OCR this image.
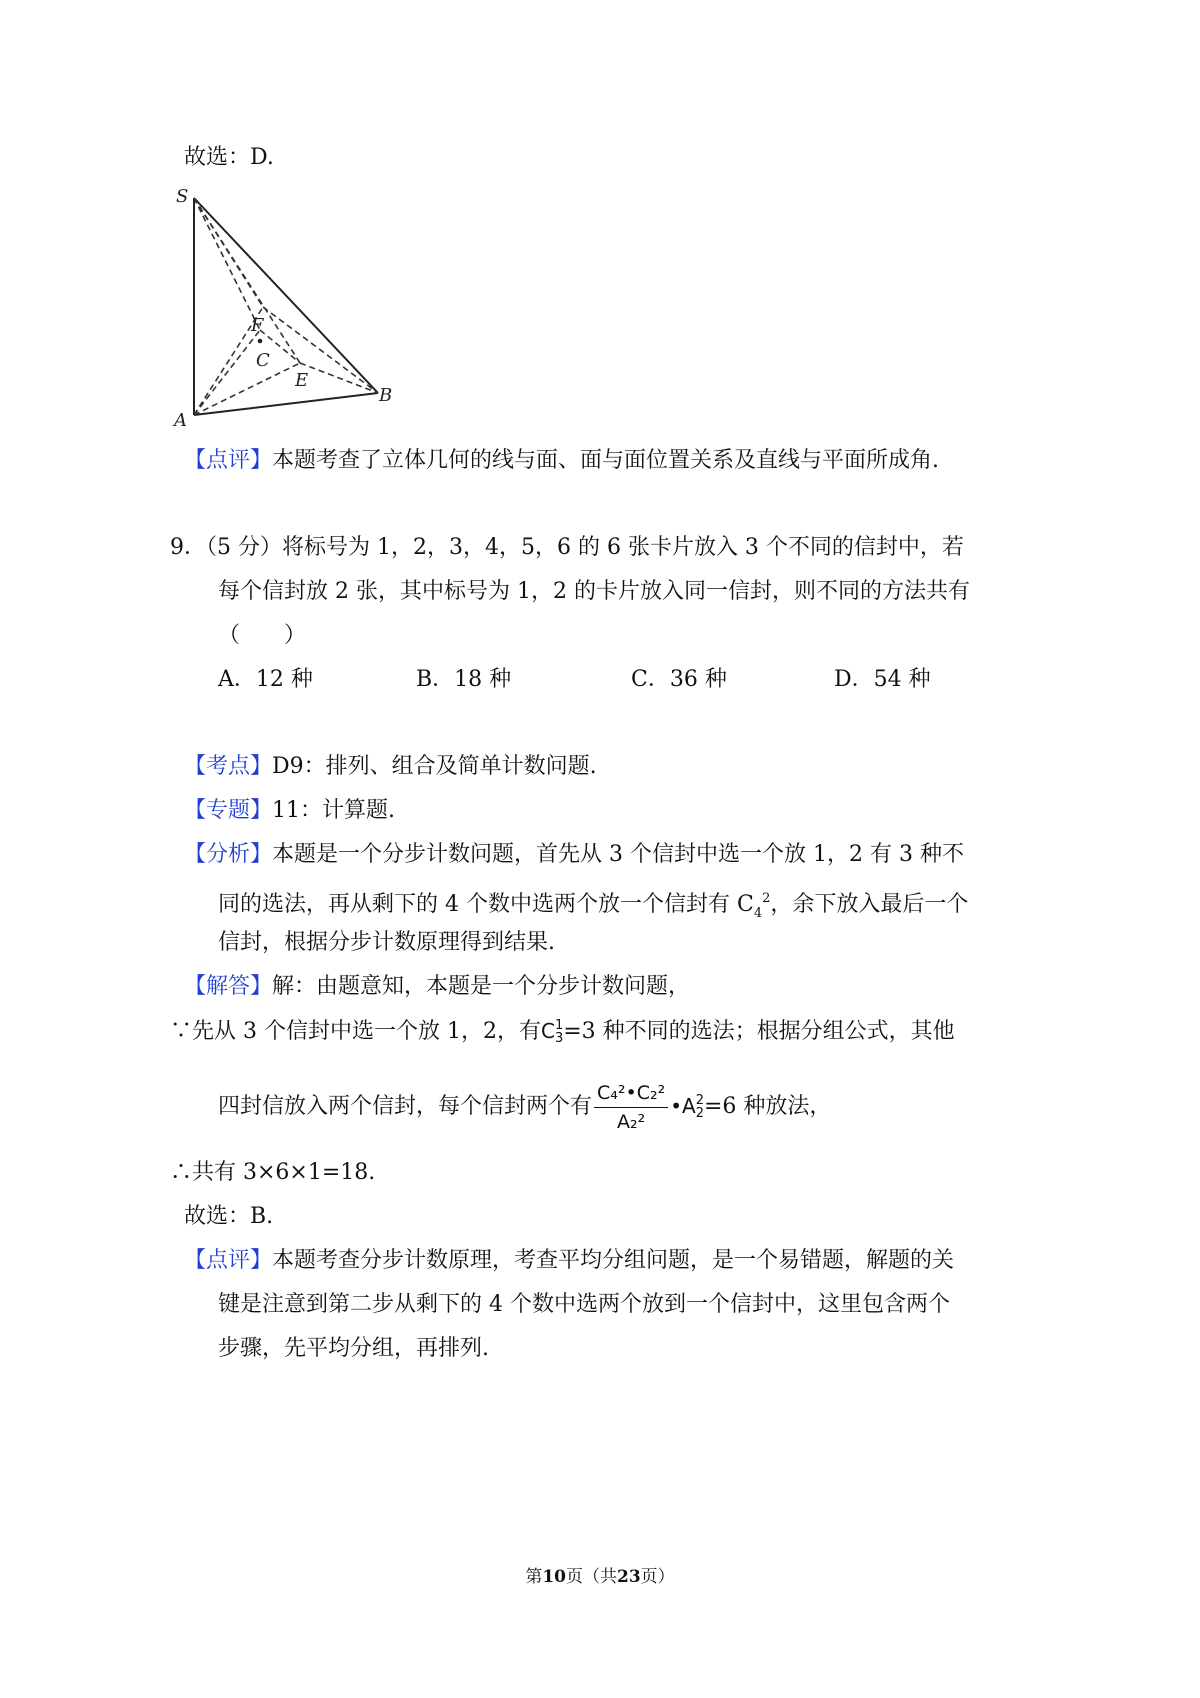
故选：D.
S
F
C
E
B
A
【点评】本题考查了立体几何的线与面、面与面位置关系及直线与平面所成角.
9．（5 分）将标号为 1，2，3，4，5，6 的 6 张卡片放入 3 个不同的信封中，若
每个信封放 2 张，其中标号为 1，2 的卡片放入同一信封，则不同的方法共有
（　　）
A．12 种	B．18 种	C．36 种	D．54 种
【考点】D9：排列、组合及简单计数问题.
【专题】11：计算题.
【分析】本题是一个分步计数问题，首先从 3 个信封中选一个放 1，2 有 3 种不
同的选法，再从剩下的 4 个数中选两个放一个信封有 $C_4^2$，余下放入最后一个
信封，根据分步计数原理得到结果.
【解答】解：由题意知，本题是一个分步计数问题，
∵先从 3 个信封中选一个放 1，2，有C 1
3 =3 种不同的选法；根据分组公式，其他
四封信放入两个信封，每个信封两个有 $\frac{\text{C₄²•C₂²}}{\text{A₂²}}$ •A 2
2 =6 种放法，
∴共有 3×6×1=18.
故选：B.
【点评】本题考查分步计数原理，考查平均分组问题，是一个易错题，解题的关
键是注意到第二步从剩下的 4 个数中选两个放到一个信封中，这里包含两个
步骤，先平均分组，再排列.
第10页（共23页）
